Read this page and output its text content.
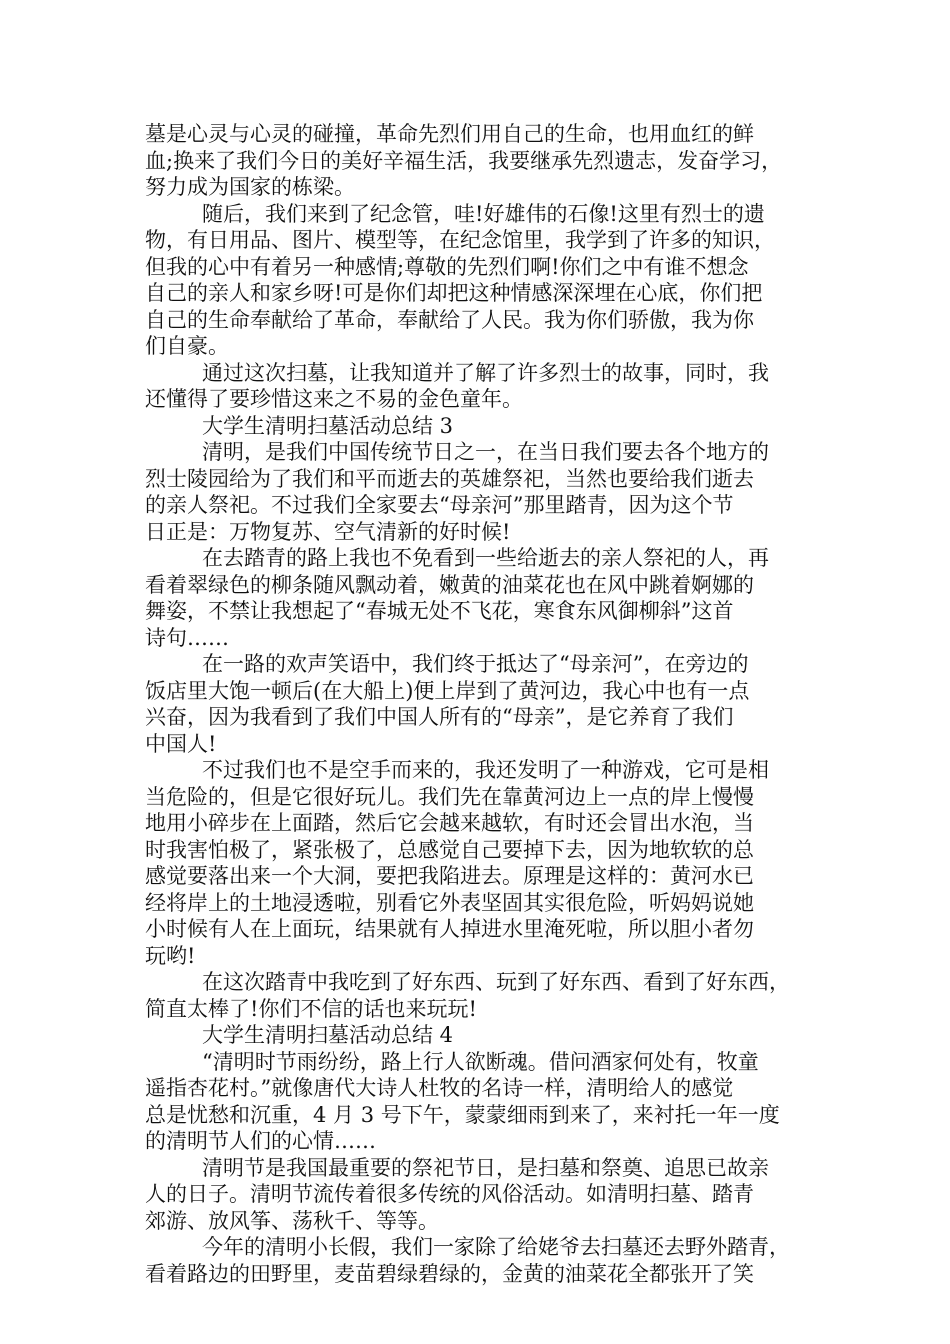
墓是心灵与心灵的碰撞，革命先烈们用自己的生命，也用血红的鲜
血;换来了我们今日的美好辛福生活，我要继承先烈遗志，发奋学习，
努力成为国家的栋梁。
随后，我们来到了纪念管，哇!好雄伟的石像!这里有烈士的遗
物，有日用品、图片、模型等，在纪念馆里，我学到了许多的知识，
但我的心中有着另一种感情;尊敬的先烈们啊!你们之中有谁不想念
自己的亲人和家乡呀!可是你们却把这种情感深深埋在心底，你们把
自己的生命奉献给了革命，奉献给了人民。我为你们骄傲，我为你
们自豪。
通过这次扫墓，让我知道并了解了许多烈士的故事，同时，我
还懂得了要珍惜这来之不易的金色童年。
大学生清明扫墓活动总结 3
清明，是我们中国传统节日之一，在当日我们要去各个地方的
烈士陵园给为了我们和平而逝去的英雄祭祀，当然也要给我们逝去
的亲人祭祀。不过我们全家要去“母亲河”那里踏青，因为这个节
日正是：万物复苏、空气清新的好时候!
在去踏青的路上我也不免看到一些给逝去的亲人祭祀的人，再
看着翠绿色的柳条随风飘动着，嫩黄的油菜花也在风中跳着婀娜的
舞姿，不禁让我想起了“春城无处不飞花，寒食东风御柳斜”这首
诗句……
在一路的欢声笑语中，我们终于抵达了“母亲河”，在旁边的
饭店里大饱一顿后(在大船上)便上岸到了黄河边，我心中也有一点
兴奋，因为我看到了我们中国人所有的“母亲”，是它养育了我们
中国人!
不过我们也不是空手而来的，我还发明了一种游戏，它可是相
当危险的，但是它很好玩儿。我们先在靠黄河边上一点的岸上慢慢
地用小碎步在上面踏，然后它会越来越软，有时还会冒出水泡，当
时我害怕极了，紧张极了，总感觉自己要掉下去，因为地软软的总
感觉要落出来一个大洞，要把我陷进去。原理是这样的：黄河水已
经将岸上的土地浸透啦，别看它外表坚固其实很危险，听妈妈说她
小时候有人在上面玩，结果就有人掉进水里淹死啦，所以胆小者勿
玩哟!
在这次踏青中我吃到了好东西、玩到了好东西、看到了好东西，
简直太棒了!你们不信的话也来玩玩!
大学生清明扫墓活动总结 4
“清明时节雨纷纷，路上行人欲断魂。借问酒家何处有，牧童
遥指杏花村。”就像唐代大诗人杜牧的名诗一样，清明给人的感觉
总是忧愁和沉重，4 月 3 号下午，蒙蒙细雨到来了，来衬托一年一度
的清明节人们的心情……
清明节是我国最重要的祭祀节日，是扫墓和祭奠、追思已故亲
人的日子。清明节流传着很多传统的风俗活动。如清明扫墓、踏青
郊游、放风筝、荡秋千、等等。
今年的清明小长假，我们一家除了给姥爷去扫墓还去野外踏青，
看着路边的田野里，麦苗碧绿碧绿的，金黄的油菜花全都张开了笑
